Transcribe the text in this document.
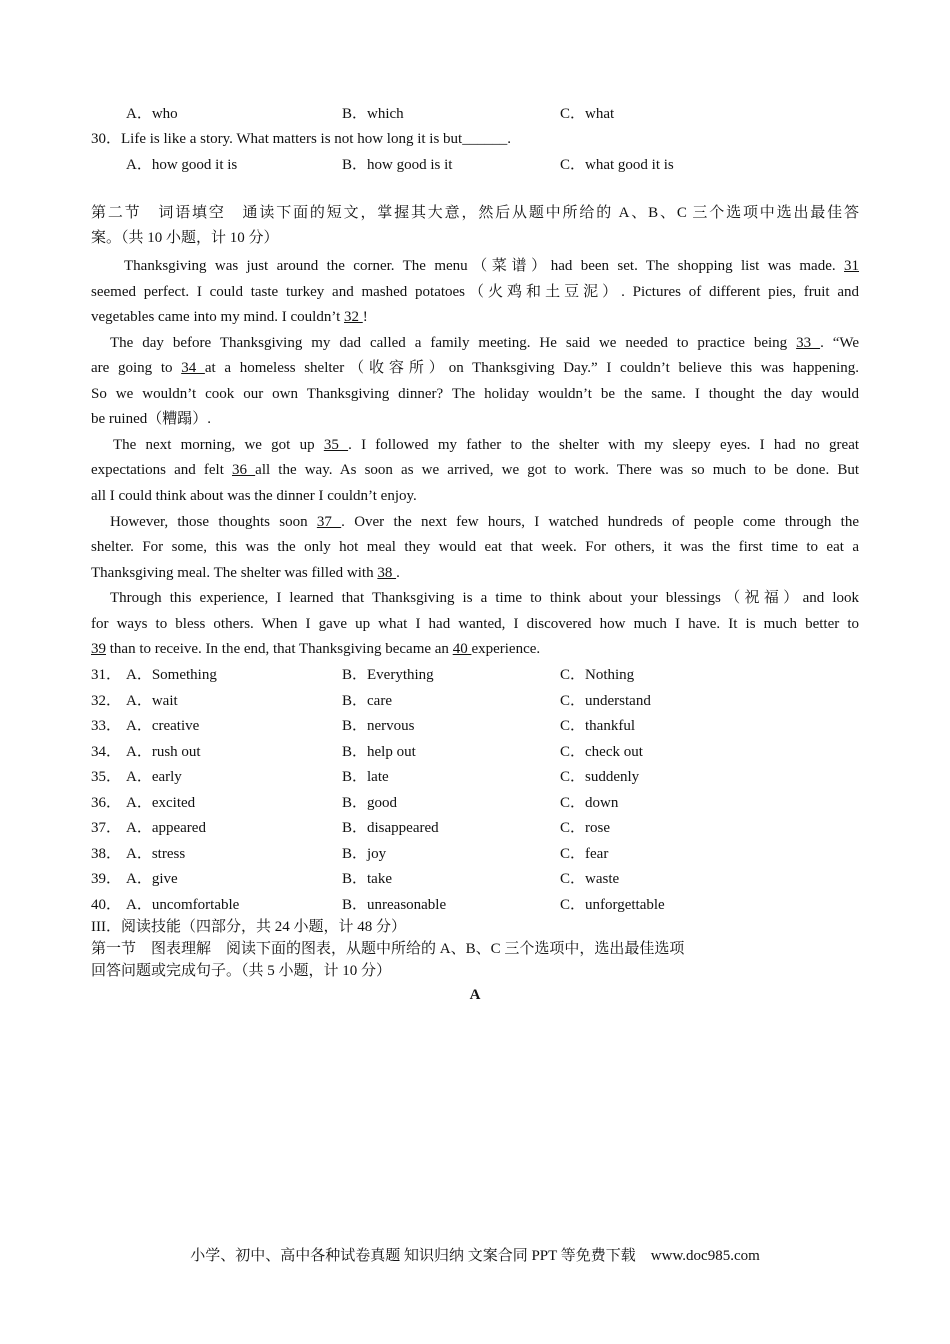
A．who	B．which	C．what
30．Life is like a story. What matters is not how long it is but______.
A．how good it is	B．how good is it	C．what good it is
第二节　词语填空　通读下面的短文，掌握其大意，然后从题中所给的 A、B、C 三个选项中选出最佳答
案。（共 10 小题，计 10 分）
Thanksgiving was just around the corner. The menu（菜谱）had been set. The shopping list was made. 31
seemed perfect. I could taste turkey and mashed potatoes（火鸡和土豆泥）. Pictures of different pies, fruit and
vegetables came into my mind. I couldn’t 32 !
The day before Thanksgiving my dad called a family meeting. He said we needed to practice being 33 . “We
are going to 34 at a homeless shelter（收容所）on Thanksgiving Day.” I couldn’t believe this was happening.
So we wouldn’t cook our own Thanksgiving dinner? The holiday wouldn’t be the same. I thought the day would
be ruined（糟蹋）.
The next morning, we got up 35 . I followed my father to the shelter with my sleepy eyes. I had no great
expectations and felt 36 all the way. As soon as we arrived, we got to work. There was so much to be done. But
all I could think about was the dinner I couldn’t enjoy.
However, those thoughts soon 37 . Over the next few hours, I watched hundreds of people come through the
shelter. For some, this was the only hot meal they would eat that week. For others, it was the first time to eat a
Thanksgiving meal. The shelter was filled with 38 .
Through this experience, I learned that Thanksgiving is a time to think about your blessings（祝福）and look
for ways to bless others. When I gave up what I had wanted, I discovered how much I have. It is much better to
39 than to receive. In the end, that Thanksgiving became an 40 experience.
31． A．Something	B．Everything	C．Nothing
32． A．wait	B．care	C．understand
33． A．creative	B．nervous	C．thankful
34． A．rush out	B．help out	C．check out
35． A．early	B．late	C．suddenly
36． A．excited	B．good	C．down
37． A．appeared	B．disappeared	C．rose
38． A．stress	B．joy	C．fear
39． A．give	B．take	C．waste
40． A．uncomfortable	B．unreasonable	C．unforgettable
III．阅读技能（四部分，共 24 小题，计 48 分）
第一节　图表理解　阅读下面的图表，从题中所给的 A、B、C 三个选项中，选出最佳选项
回答问题或完成句子。（共 5 小题，计 10 分）
A
小学、初中、高中各种试卷真题 知识归纳 文案合同 PPT 等免费下载　www.doc985.com
